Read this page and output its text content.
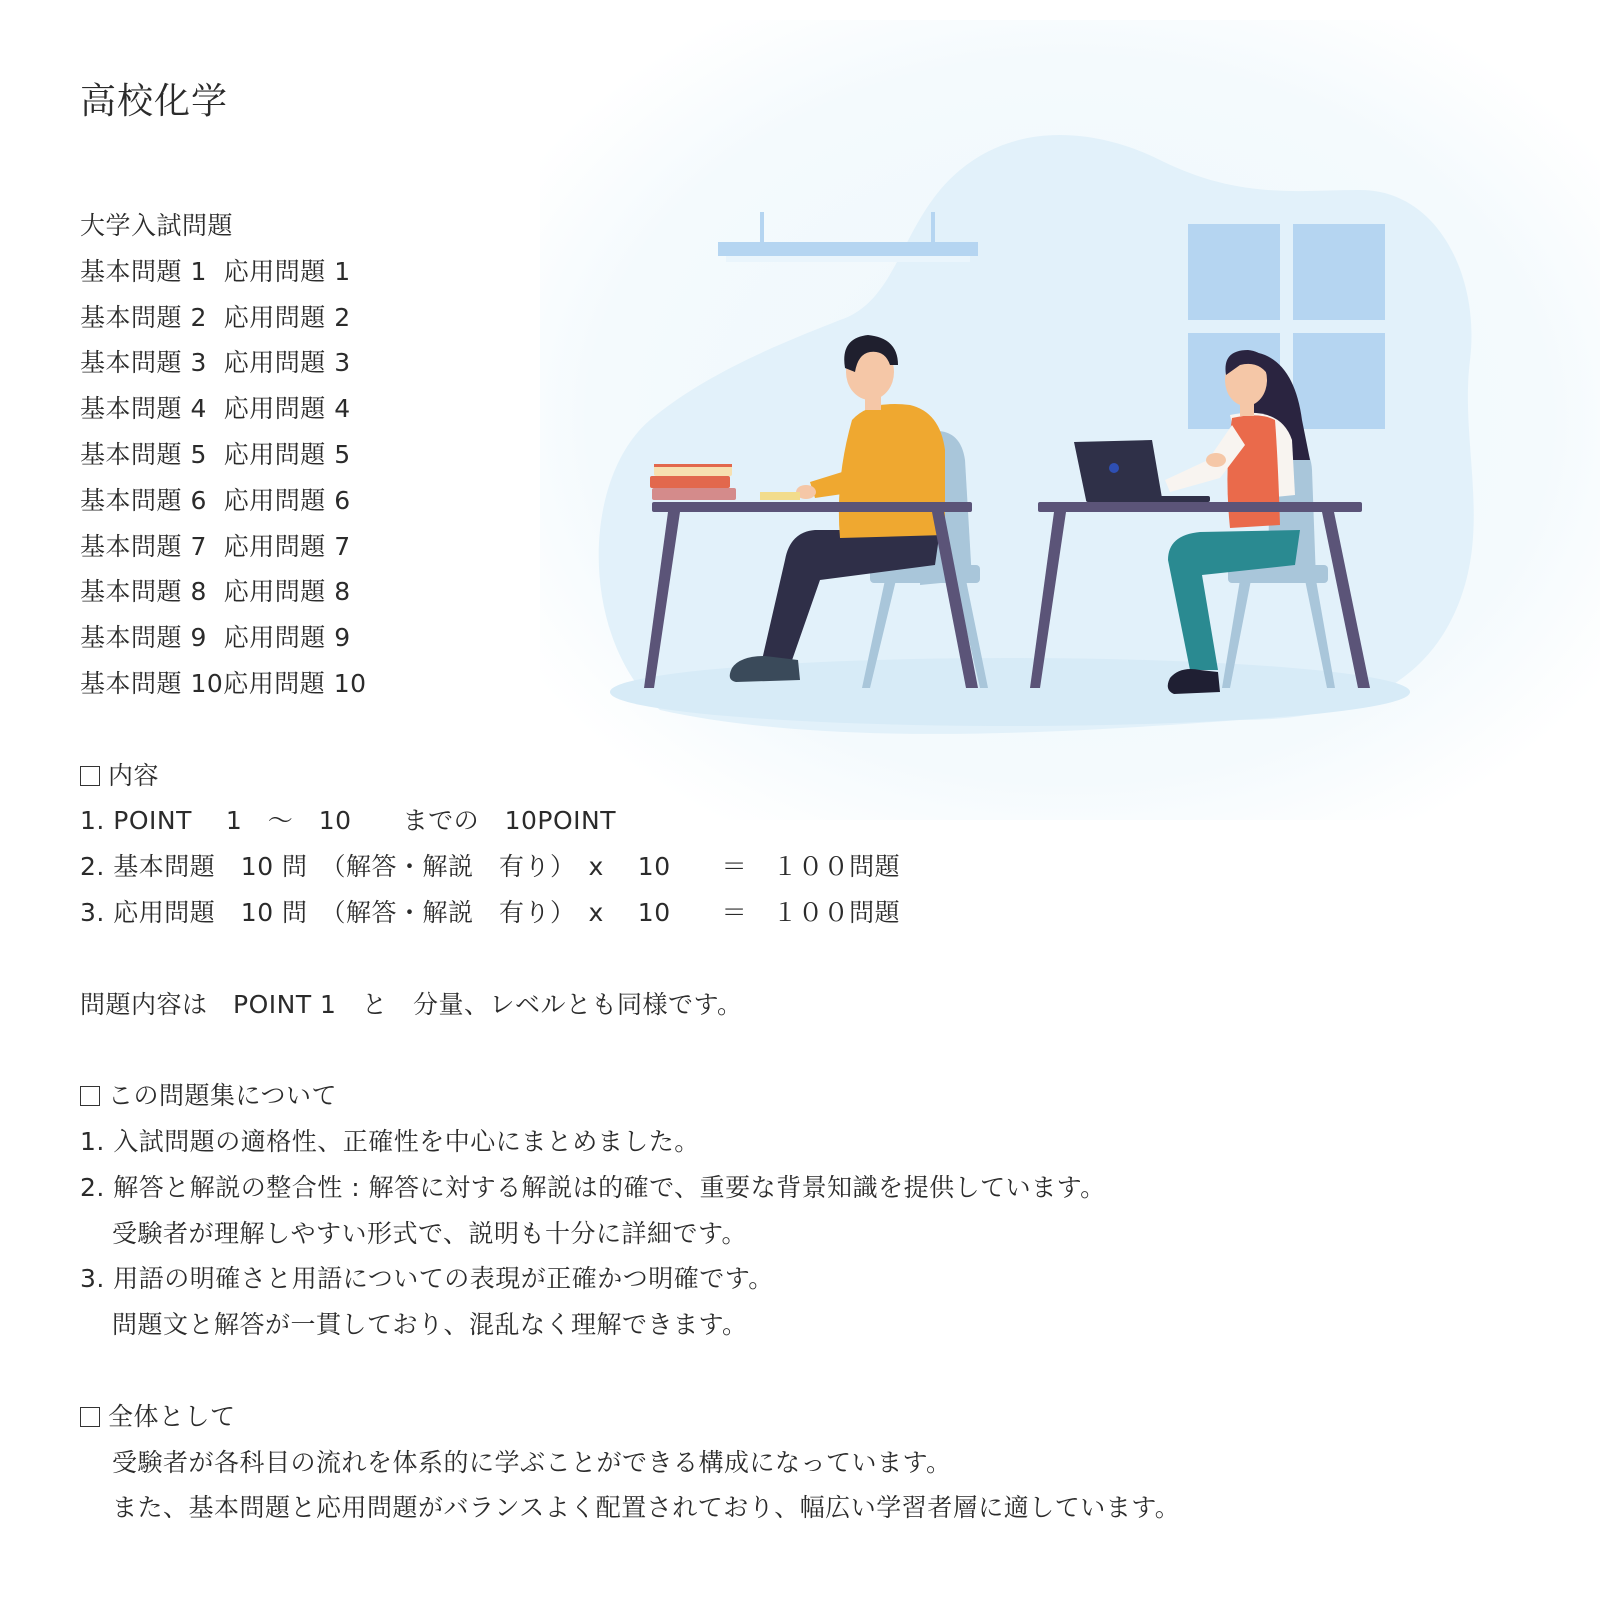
高校化学
大学入試問題
基本問題 1 応用問題 1
基本問題 2 応用問題 2
基本問題 3 応用問題 3
基本問題 4 応用問題 4
基本問題 5 応用問題 5
基本問題 6 応用問題 6
基本問題 7 応用問題 7
基本問題 8 応用問題 8
基本問題 9 応用問題 9
基本問題 10応用問題 10
内容
1. POINT　 1　～　10　　までの　10POINT
2. 基本問題　10 問　（解答・解説　有り）　x　 10　　＝　１００問題
3. 応用問題　10 問　（解答・解説　有り）　x　 10　　＝　１００問題
問題内容は　POINT 1　と　分量、レベルとも同様です。
この問題集について
1. 入試問題の適格性、正確性を中心にまとめました。
2. 解答と解説の整合性 : 解答に対する解説は的確で、重要な背景知識を提供しています。
受験者が理解しやすい形式で、説明も十分に詳細です。
3. 用語の明確さと用語についての表現が正確かつ明確です。
問題文と解答が一貫しており、混乱なく理解できます。
全体として
受験者が各科目の流れを体系的に学ぶことができる構成になっています。
また、基本問題と応用問題がバランスよく配置されており、幅広い学習者層に適しています。
